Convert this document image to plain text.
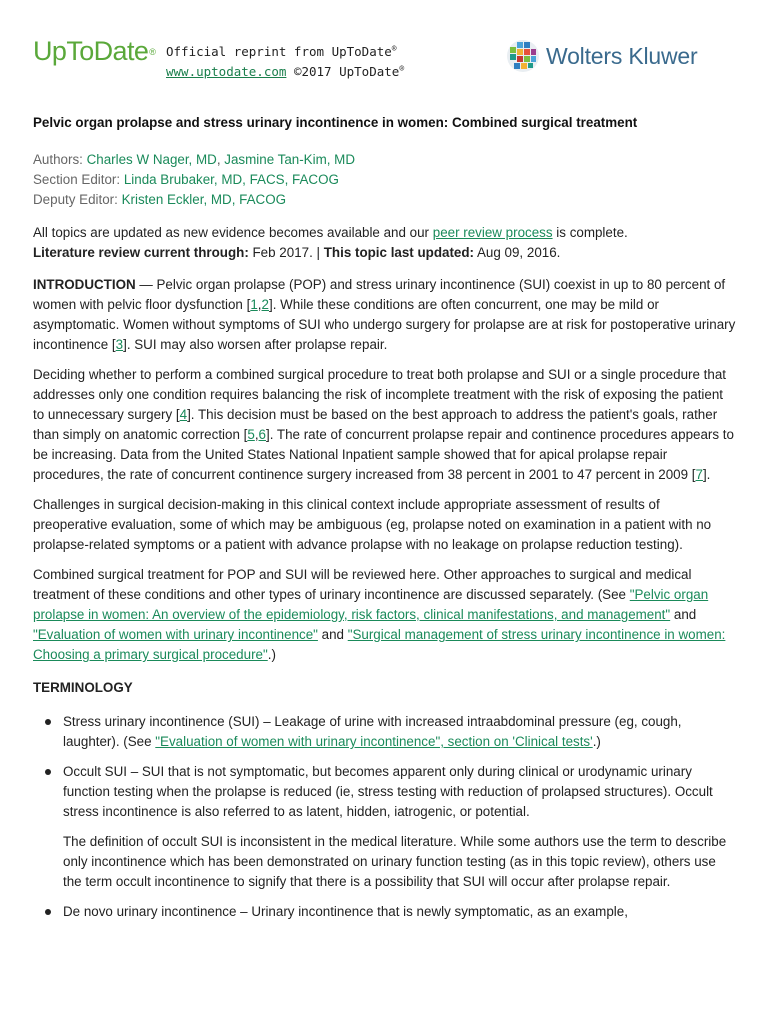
UpToDate® Official reprint from UpToDate®
www.uptodate.com ©2017 UpToDate®	Wolters Kluwer
Pelvic organ prolapse and stress urinary incontinence in women: Combined surgical treatment
Authors: Charles W Nager, MD, Jasmine Tan-Kim, MD
Section Editor: Linda Brubaker, MD, FACS, FACOG
Deputy Editor: Kristen Eckler, MD, FACOG

All topics are updated as new evidence becomes available and our peer review process is complete.
Literature review current through: Feb 2017. | This topic last updated: Aug 09, 2016.

INTRODUCTION — Pelvic organ prolapse (POP) and stress urinary incontinence (SUI) coexist in up to 80 percent of women with pelvic floor dysfunction [1,2]. While these conditions are often concurrent, one may be mild or asymptomatic. Women without symptoms of SUI who undergo surgery for prolapse are at risk for postoperative urinary incontinence [3]. SUI may also worsen after prolapse repair.

Deciding whether to perform a combined surgical procedure to treat both prolapse and SUI or a single procedure that addresses only one condition requires balancing the risk of incomplete treatment with the risk of exposing the patient to unnecessary surgery [4]. This decision must be based on the best approach to address the patient's goals, rather than simply on anatomic correction [5,6]. The rate of concurrent prolapse repair and continence procedures appears to be increasing. Data from the United States National Inpatient sample showed that for apical prolapse repair procedures, the rate of concurrent continence surgery increased from 38 percent in 2001 to 47 percent in 2009 [7].

Challenges in surgical decision-making in this clinical context include appropriate assessment of results of preoperative evaluation, some of which may be ambiguous (eg, prolapse noted on examination in a patient with no prolapse-related symptoms or a patient with advance prolapse with no leakage on prolapse reduction testing).

Combined surgical treatment for POP and SUI will be reviewed here. Other approaches to surgical and medical treatment of these conditions and other types of urinary incontinence are discussed separately. (See "Pelvic organ prolapse in women: An overview of the epidemiology, risk factors, clinical manifestations, and management" and "Evaluation of women with urinary incontinence" and "Surgical management of stress urinary incontinence in women: Choosing a primary surgical procedure".)

TERMINOLOGY
Stress urinary incontinence (SUI) – Leakage of urine with increased intraabdominal pressure (eg, cough, laughter). (See "Evaluation of women with urinary incontinence", section on 'Clinical tests'.)
Occult SUI – SUI that is not symptomatic, but becomes apparent only during clinical or urodynamic urinary function testing when the prolapse is reduced (ie, stress testing with reduction of prolapsed structures). Occult stress incontinence is also referred to as latent, hidden, iatrogenic, or potential.

The definition of occult SUI is inconsistent in the medical literature. While some authors use the term to describe only incontinence which has been demonstrated on urinary function testing (as in this topic review), others use the term occult incontinence to signify that there is a possibility that SUI will occur after prolapse repair.

De novo urinary incontinence – Urinary incontinence that is newly symptomatic, as an example,
